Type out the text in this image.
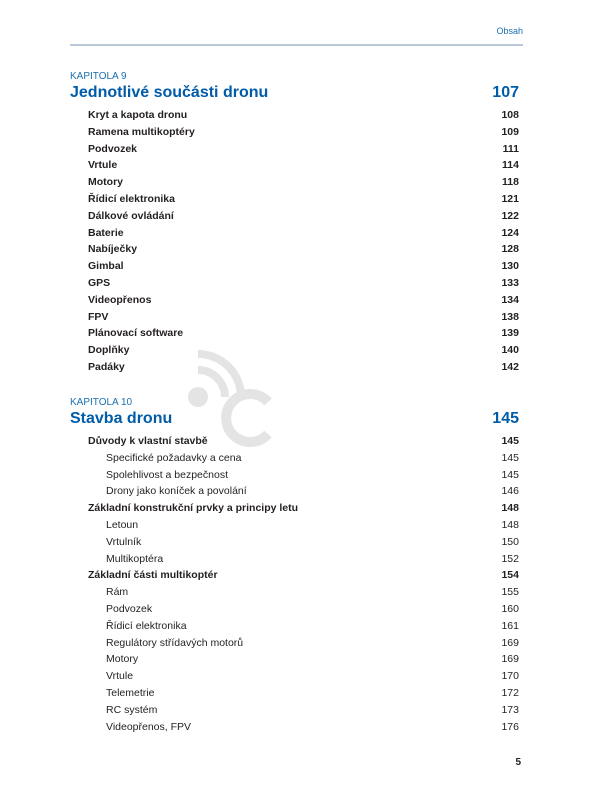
Obsah
KAPITOLA 9
Jednotlivé součásti dronu	107
Kryt a kapota dronu	108
Ramena multikoptéry	109
Podvozek	111
Vrtule	114
Motory	118
Řídicí elektronika	121
Dálkové ovládání	122
Baterie	124
Nabíječky	128
Gimbal	130
GPS	133
Videopřenos	134
FPV	138
Plánovací software	139
Doplňky	140
Padáky	142
KAPITOLA 10
Stavba dronu	145
Důvody k vlastní stavbě	145
Specifické požadavky a cena	145
Spolehlivost a bezpečnost	145
Drony jako koníček a povolání	146
Základní konstrukční prvky a principy letu	148
Letoun	148
Vrtulník	150
Multikoptéra	152
Základní části multikoptér	154
Rám	155
Podvozek	160
Řídicí elektronika	161
Regulátory střídavých motorů	169
Motory	169
Vrtule	170
Telemetrie	172
RC systém	173
Videopřenos, FPV	176
5
